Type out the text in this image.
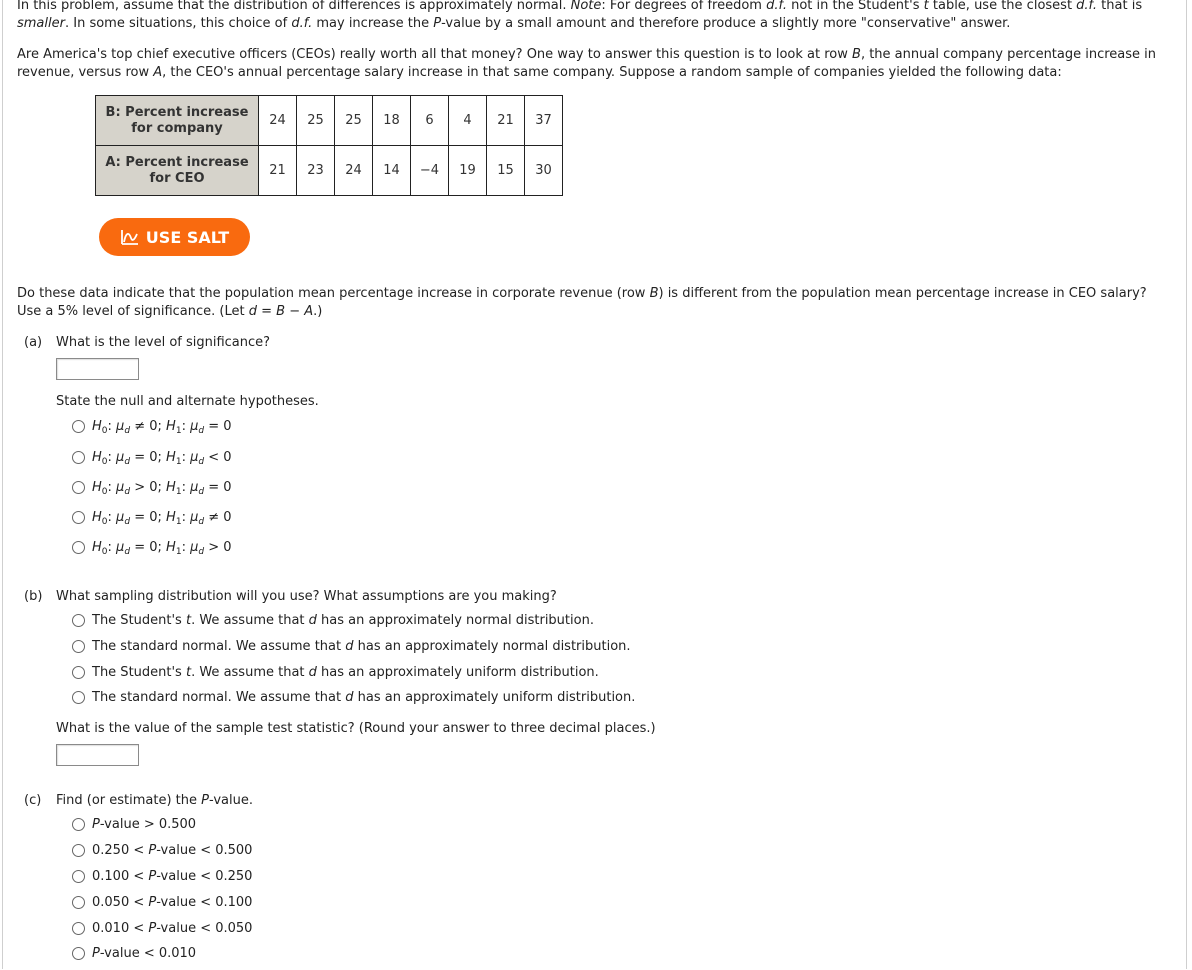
In this problem, assume that the distribution of differences is approximately normal. Note: For degrees of freedom d.f. not in the Student's t table, use the closest d.f. that is
smaller. In some situations, this choice of d.f. may increase the P-value by a small amount and therefore produce a slightly more "conservative" answer.
Are America's top chief executive officers (CEOs) really worth all that money? One way to answer this question is to look at row B, the annual company percentage increase in
revenue, versus row A, the CEO's annual percentage salary increase in that same company. Suppose a random sample of companies yielded the following data:
B: Percent increase
for company	24	25	25	18	6	4	21	37
A: Percent increase
for CEO	21	23	24	14	−4	19	15	30
USE SALT
Do these data indicate that the population mean percentage increase in corporate revenue (row B) is different from the population mean percentage increase in CEO salary?
Use a 5% level of significance. (Let d = B − A.)
(a) What is the level of significance?
State the null and alternate hypotheses.
$H_0$: $\mu_d \ne 0$; $H_1$: $\mu_d = 0$
$H_0$: $\mu_d = 0$; $H_1$: $\mu_d < 0$
$H_0$: $\mu_d > 0$; $H_1$: $\mu_d = 0$
$H_0$: $\mu_d = 0$; $H_1$: $\mu_d \ne 0$
$H_0$: $\mu_d = 0$; $H_1$: $\mu_d > 0$
(b) What sampling distribution will you use? What assumptions are you making?
The Student's t. We assume that d has an approximately normal distribution.
The standard normal. We assume that d has an approximately normal distribution.
The Student's t. We assume that d has an approximately uniform distribution.
The standard normal. We assume that d has an approximately uniform distribution.
What is the value of the sample test statistic? (Round your answer to three decimal places.)
(c) Find (or estimate) the P-value.
P-value > 0.500
0.250 < P-value < 0.500
0.100 < P-value < 0.250
0.050 < P-value < 0.100
0.010 < P-value < 0.050
P-value < 0.010
